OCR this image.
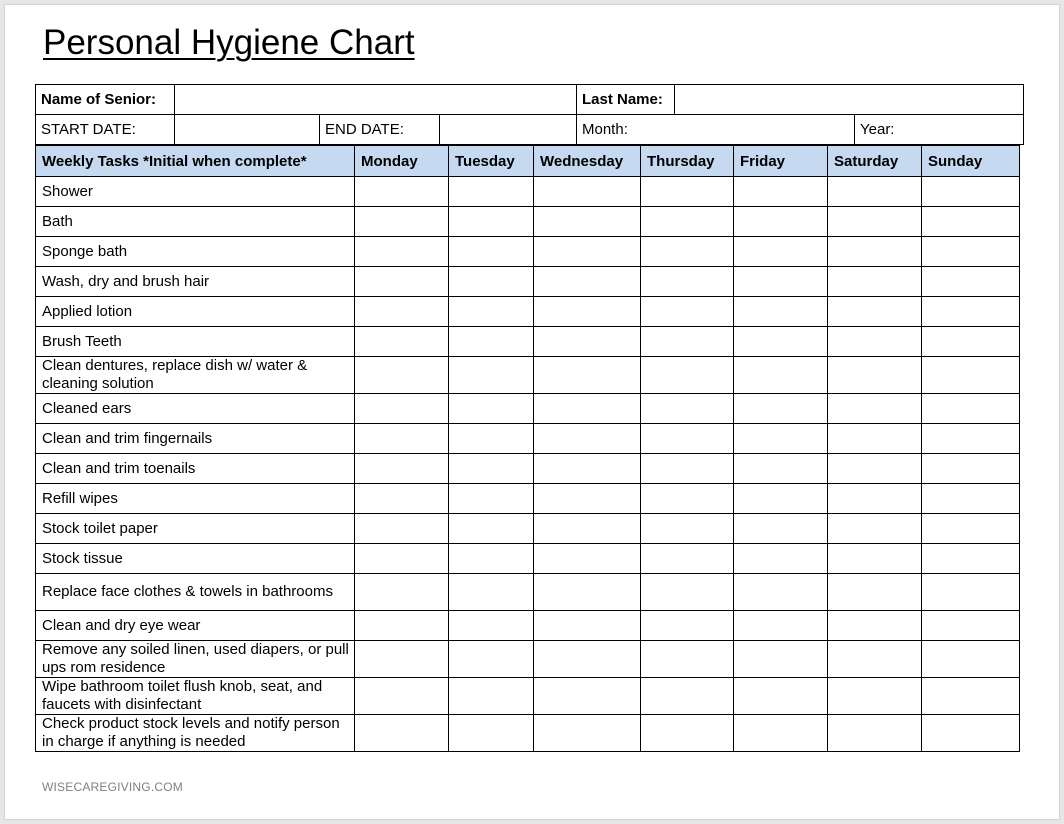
Personal Hygiene Chart
Name of Senior:				Last Name:		
START DATE:		END DATE:		Month:		Year:
Weekly Tasks *Initial when complete*	Monday	Tuesday	Wednesday	Thursday	Friday	Saturday	Sunday
Shower							
Bath							
Sponge bath							
Wash, dry and brush hair							
Applied lotion							
Brush Teeth							
Clean dentures, replace dish w/ water & cleaning solution							
Cleaned ears							
Clean and trim fingernails							
Clean and trim toenails							
Refill wipes							
Stock toilet paper							
Stock tissue							
Replace face clothes & towels in bathrooms							
Clean and dry eye wear							
Remove any soiled linen, used diapers, or pull ups rom residence							
Wipe bathroom toilet flush knob, seat, and faucets with disinfectant							
Check product stock levels and notify person in charge if anything is needed							
WISECAREGIVING.COM
